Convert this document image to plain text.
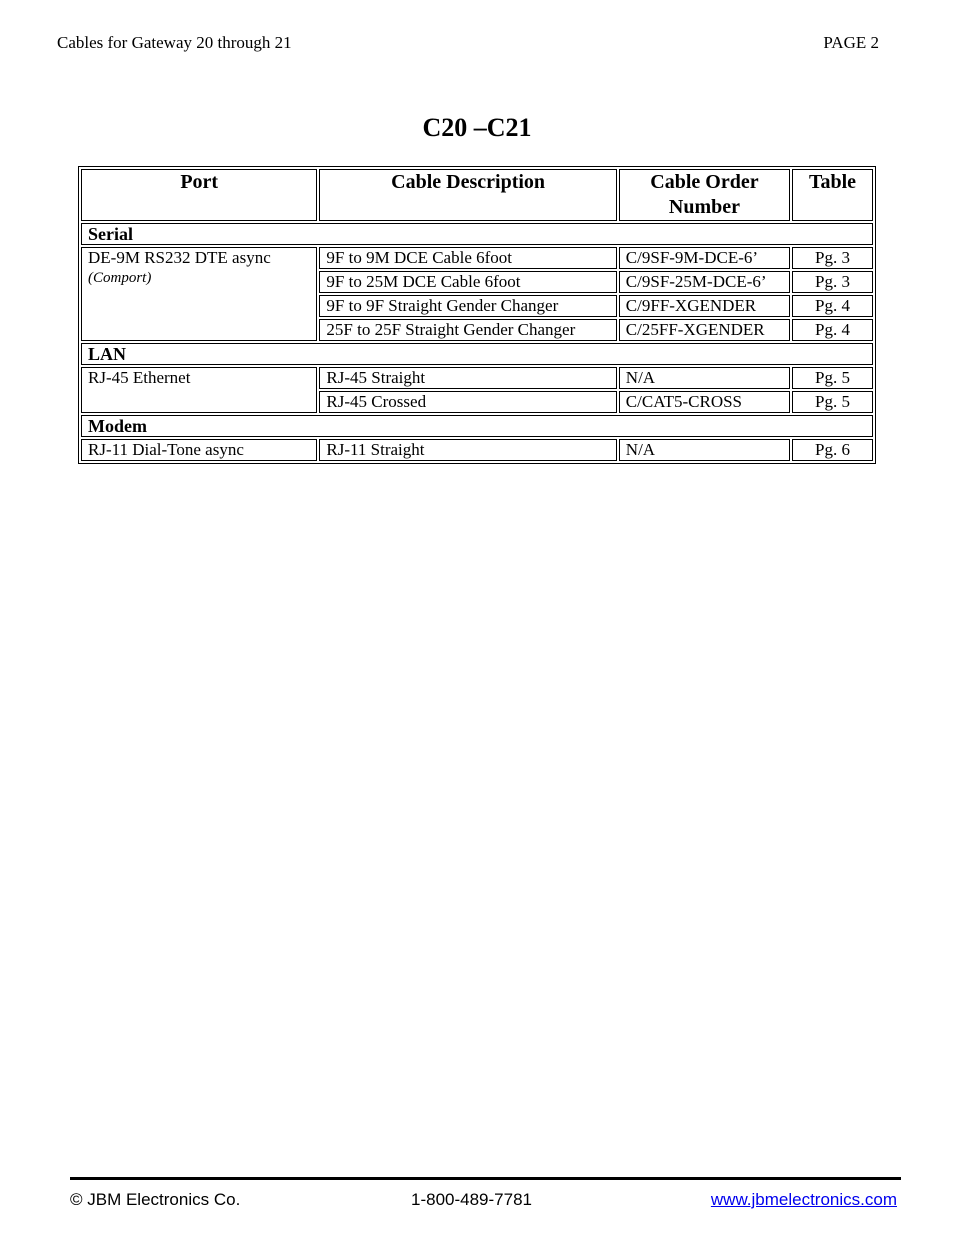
Cables for Gateway 20 through 21	PAGE 2
C20 –C21
Port	Cable Description	Cable Order Number	Table
Serial			
DE-9M RS232 DTE async
(Comport)	9F to 9M DCE Cable 6foot	C/9SF-9M-DCE-6’	Pg. 3
	9F to 25M DCE Cable 6foot	C/9SF-25M-DCE-6’	Pg. 3
	9F to 9F Straight Gender Changer	C/9FF-XGENDER	Pg. 4
	25F to 25F Straight Gender Changer	C/25FF-XGENDER	Pg. 4
LAN			
RJ-45 Ethernet	RJ-45 Straight	N/A	Pg. 5
	RJ-45 Crossed	C/CAT5-CROSS	Pg. 5
Modem			
RJ-11 Dial-Tone async	RJ-11 Straight	N/A	Pg. 6
© JBM Electronics Co.	1-800-489-7781	www.jbmelectronics.com
